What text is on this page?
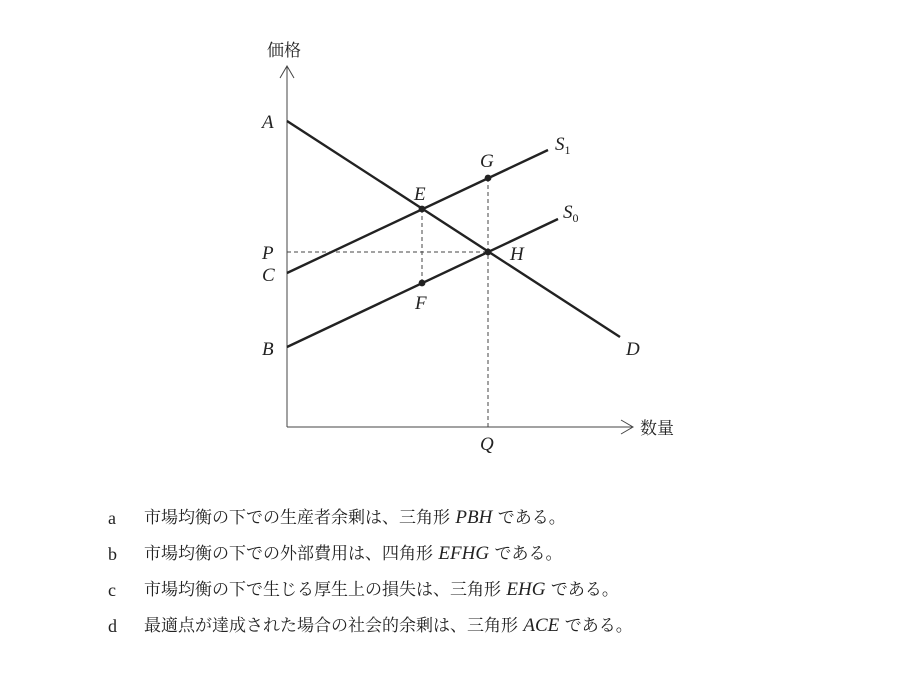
価格
数量
A
P
C
B
E
F
G
H
Q
D
$S_1$
$S_0$
a	市場均衡の下での生産者余剰は、三角形 PBH である。
b	市場均衡の下での外部費用は、四角形 EFHG である。
c	市場均衡の下で生じる厚生上の損失は、三角形 EHG である。
d	最適点が達成された場合の社会的余剰は、三角形 ACE である。
